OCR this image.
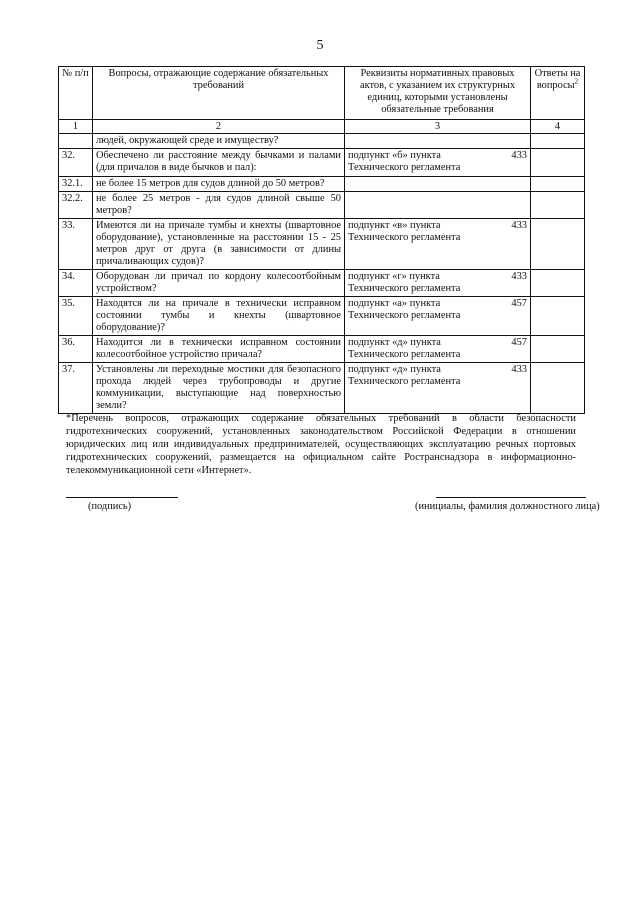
5
№ п/п	Вопросы, отражающие содержание обязательных требований	Реквизиты нормативных правовых актов, с указанием их структурных единиц, которыми установлены обязательные требования	Ответы на вопросы$^2$
1	2	3	4
	людей, окружающей среде и имуществу?		
32.	Обеспечено ли расстояние между бычками и палами (для причалов в виде бычков и пал):	подпункт «б» пункта 433
Технического регламента	

32.1.	не более 15 метров для судов длиной до 50 метров?		
32.2.	не более 25 метров - для судов длиной свыше 50 метров?		
33.	Имеются ли на причале тумбы и кнехты (швартовное оборудование), установленные на расстоянии 15 - 25 метров друг от друга (в зависимости от длины причаливающих судов)?	подпункт «в» пункта 433
Технического регламента	

34.	Оборудован ли причал по кордону колесоотбойным устройством?	подпункт «г» пункта 433
Технического регламента	

35.	Находятся ли на причале в технически исправном состоянии тумбы и кнехты (швартовное оборудование)?	подпункт «а» пункта 457
Технического регламента	

36.	Находится ли в технически исправном состоянии колесоотбойное устройство причала?	подпункт «д» пункта 457
Технического регламента	

37.	Установлены ли переходные мостики для безопасного прохода людей через трубопроводы и другие коммуникации, выступающие над поверхностью земли?	подпункт «д» пункта 433
Технического регламента	

*Перечень вопросов, отражающих содержание обязательных требований в области безопасности гидротехнических сооружений, установленных законодательством Российской Федерации в отношении юридических лиц или индивидуальных предпринимателей, осуществляющих эксплуатацию речных портовых гидротехнических сооружений, размещается на официальном сайте Ространснадзора в информационно-телекоммуникационной сети «Интернет».
(подпись)	(инициалы, фамилия должностного лица)
